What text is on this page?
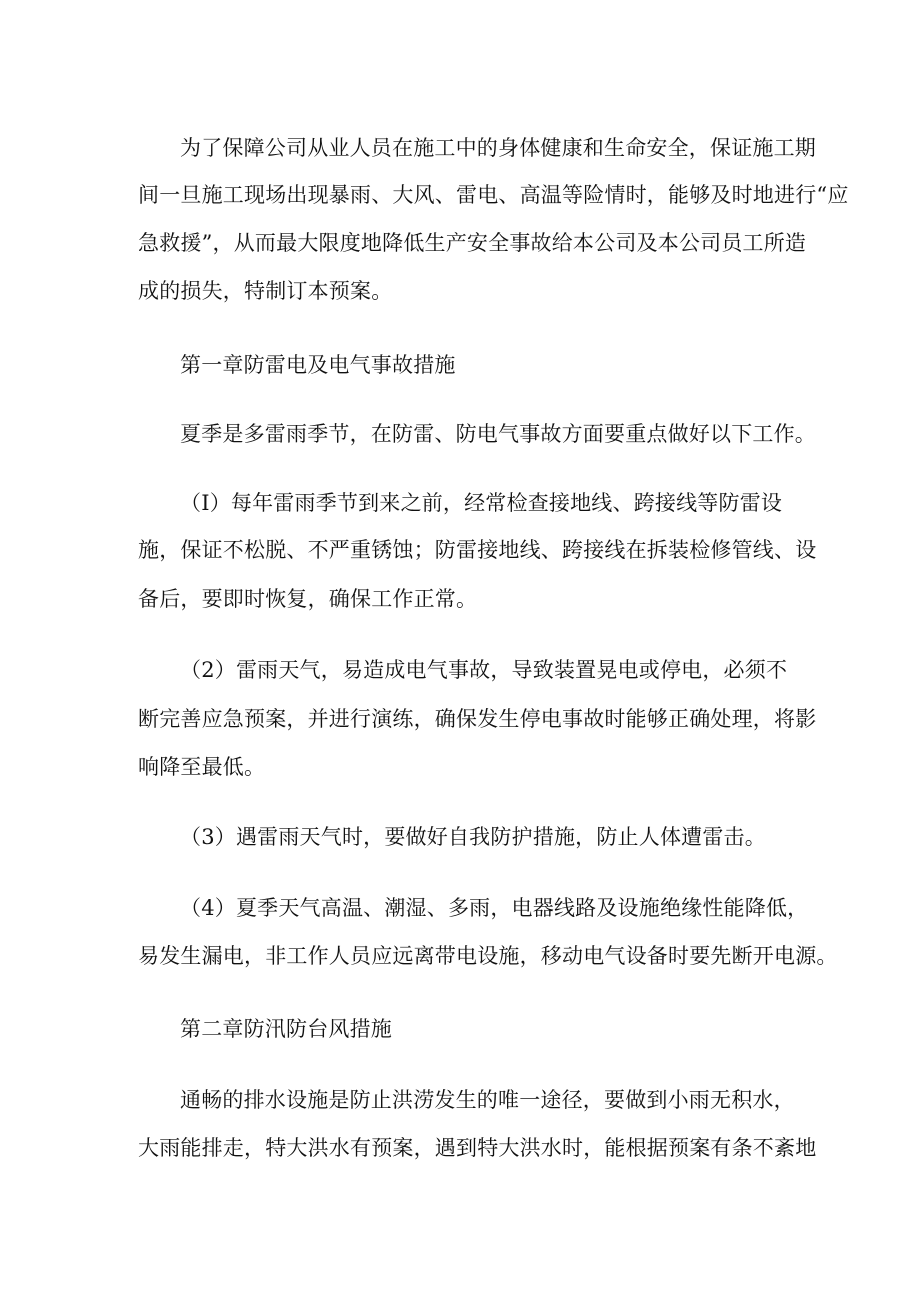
为了保障公司从业人员在施工中的身体健康和生命安全，保证施工期
间一旦施工现场出现暴雨、大风、雷电、高温等险情时，能够及时地进行“应
急救援”，从而最大限度地降低生产安全事故给本公司及本公司员工所造
成的损失，特制订本预案。
第一章防雷电及电气事故措施
夏季是多雷雨季节，在防雷、防电气事故方面要重点做好以下工作。
（I）每年雷雨季节到来之前，经常检查接地线、跨接线等防雷设
施，保证不松脱、不严重锈蚀；防雷接地线、跨接线在拆装检修管线、设
备后，要即时恢复，确保工作正常。
（2）雷雨天气，易造成电气事故，导致装置晃电或停电，必须不
断完善应急预案，并进行演练，确保发生停电事故时能够正确处理，将影
响降至最低。
（3）遇雷雨天气时，要做好自我防护措施，防止人体遭雷击。
（4）夏季天气高温、潮湿、多雨，电器线路及设施绝缘性能降低，
易发生漏电，非工作人员应远离带电设施，移动电气设备时要先断开电源。
第二章防汛防台风措施
通畅的排水设施是防止洪涝发生的唯一途径，要做到小雨无积水，
大雨能排走，特大洪水有预案，遇到特大洪水时，能根据预案有条不紊地
